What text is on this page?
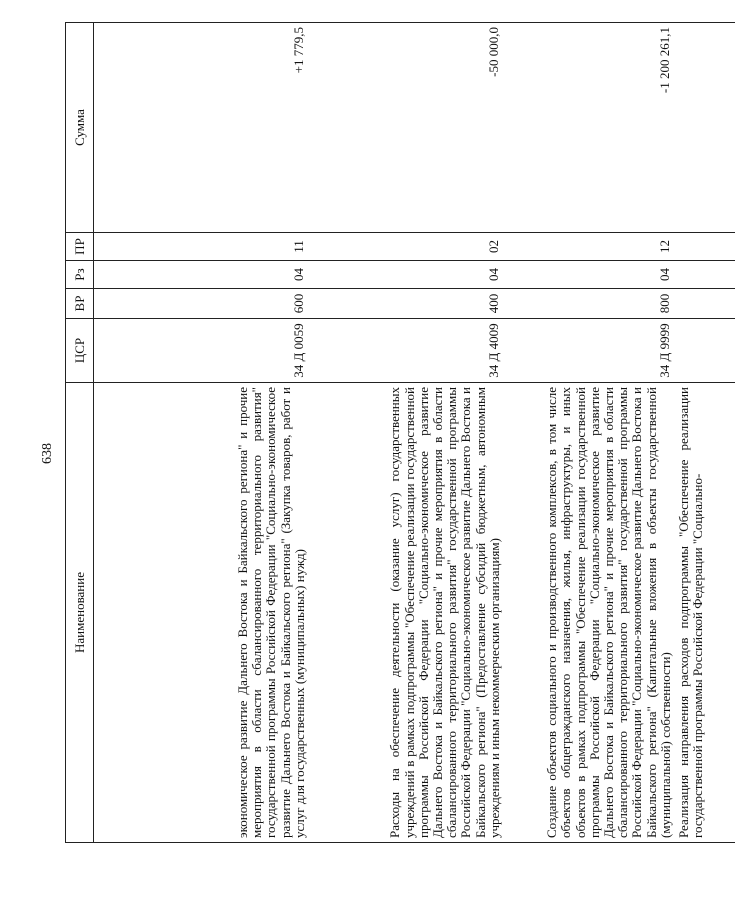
638
Наименование	ЦСР	ВР	Рз	ПР	Сумма
экономическое развитие Дальнего Востока и Байкальского региона" и прочие мероприятия в области сбалансированного территориального развития" государственной программы Российской Федерации "Социально-экономическое развитие Дальнего Востока и Байкальского региона" (Закупка товаров, работ и услуг для государственных (муниципальных) нужд)	34 Д 0059	600	04	11	+1 779,5
Расходы на обеспечение деятельности (оказание услуг) государственных учреждений в рамках подпрограммы "Обеспечение реализации государственной программы Российской Федерации "Социально-экономическое развитие Дальнего Востока и Байкальского региона" и прочие мероприятия в области сбалансированного территориального развития" государственной программы Российской Федерации "Социально-экономическое развитие Дальнего Востока и Байкальского региона" (Предоставление субсидий бюджетным, автономным учреждениям и иным некоммерческим организациям)	34 Д 4009	400	04	02	-50 000,0
Создание объектов социального и производственного комплексов, в том числе объектов общегражданского назначения, жилья, инфраструктуры, и иных объектов в рамках подпрограммы "Обеспечение реализации государственной программы Российской Федерации "Социально-экономическое развитие Дальнего Востока и Байкальского региона" и прочие мероприятия в области сбалансированного территориального развития" государственной программы Российской Федерации "Социально-экономическое развитие Дальнего Востока и Байкальского региона" (Капитальные вложения в объекты государственной (муниципальной) собственности)	34 Д 9999	800	04	12	-1 200 261,1
Реализация направления расходов подпрограммы "Обеспечение реализации государственной программы Российской Федерации "Социально-					
